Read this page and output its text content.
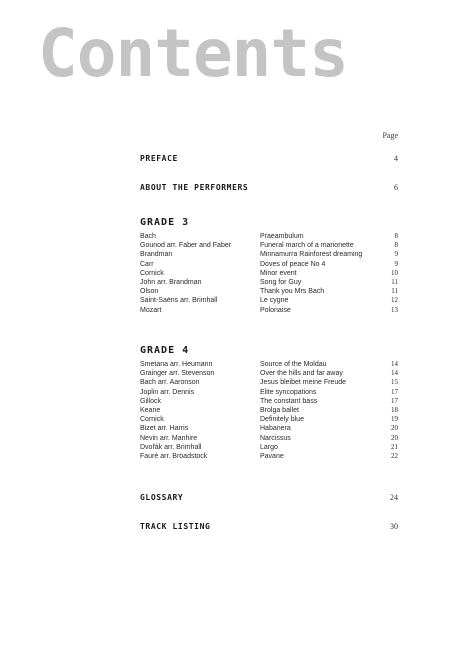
Contents
Page
PREFACE	4
ABOUT THE PERFORMERS	6
GRADE 3
Bach	Praeambulum	8
Gounod arr. Faber and Faber	Funeral march of a marionette	8
Brandman	Minnamurra Rainforest dreaming	9
Carr	Doves of peace No 4	9
Cornick	Minor event	10
John arr. Brandman	Song for Guy	11
Olson	Thank you Mrs Bach	11
Saint-Saëns arr. Brimhall	Le cygne	12
Mozart	Polonaise	13
GRADE 4
Smetana arr. Heumann	Source of the Moldau	14
Grainger arr. Stevenson	Over the hills and far away	14
Bach arr. Aaronson	Jesus bleibet meine Freude	15
Joplin arr. Dennis	Elite syncopations	17
Gillock	The constant bass	17
Keane	Brolga ballet	18
Cornick	Definitely blue	19
Bizet arr. Harris	Habanera	20
Nevin arr. Manhire	Narcissus	20
Dvořák arr. Brimhall	Largo	21
Fauré arr. Broadstock	Pavane	22
GLOSSARY	24
TRACK LISTING	30
